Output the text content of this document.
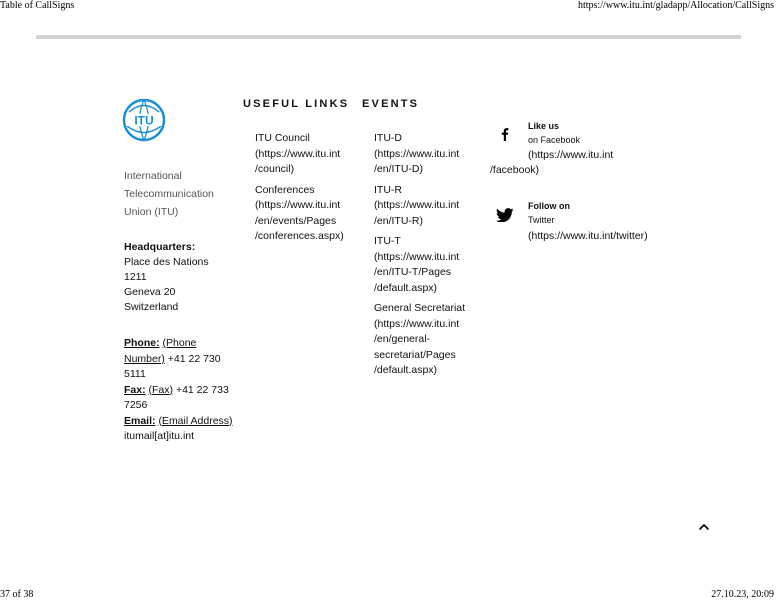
Table of CallSigns	https://www.itu.int/gladapp/Allocation/CallSigns
ITU
International
Telecommunication
Union (ITU)
Headquarters:
Place des Nations
1211
Geneva 20
Switzerland
Phone: (Phone Number) +41 22 730 5111
Fax: (Fax) +41 22 733 7256
Email: (Email Address) itumail[at]itu.int
USEFUL LINKS EVENTS
ITU Council
(https://www.itu.int /council)
Conferences
(https://www.itu.int /en/events/Pages /conferences.aspx)
ITU-D
(https://www.itu.int /en/ITU-D)
ITU-R
(https://www.itu.int /en/ITU-R)
ITU-T
(https://www.itu.int /en/ITU-T/Pages /default.aspx)
General Secretariat
(https://www.itu.int /en/general- secretariat/Pages /default.aspx)
Like us
on Facebook
(https://www.itu.int
/facebook)
Follow on
Twitter
(https://www.itu.int/twitter)
37 of 38	27.10.23, 20:09
